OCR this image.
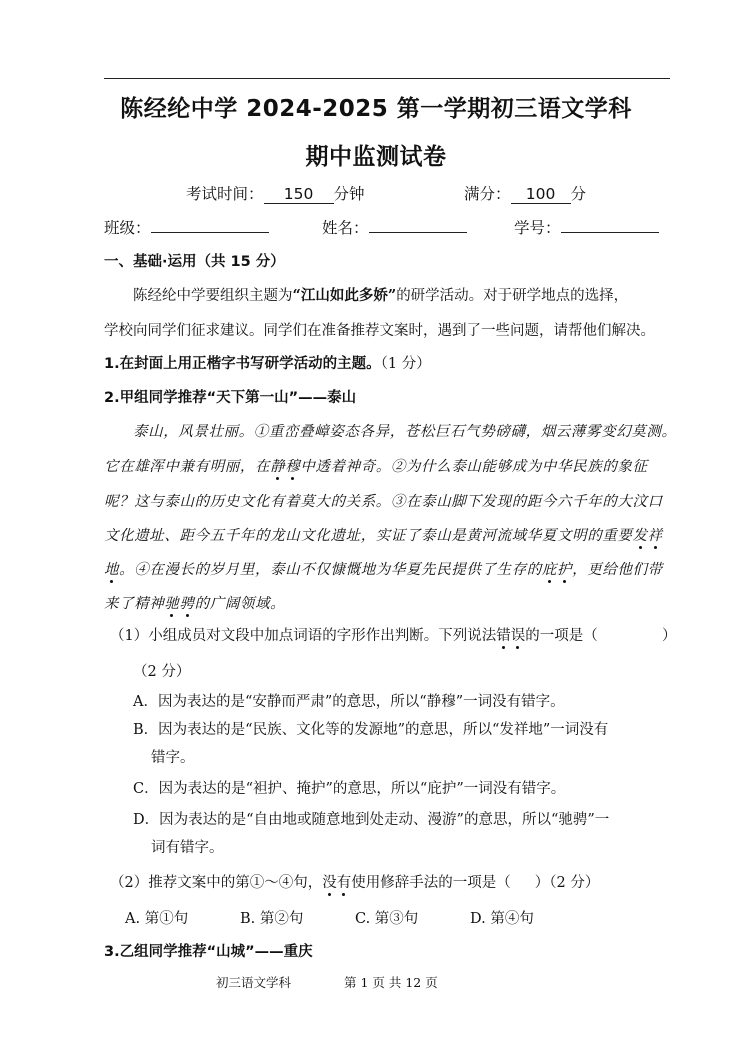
陈经纶中学 2024-2025 第一学期初三语文学科
期中监测试卷
考试时间： 150 分钟	满分： 100 分
班级：	姓名：	学号：
一、基础·运用（共 15 分）
陈经纶中学要组织主题为“江山如此多娇”的研学活动。对于研学地点的选择，
学校向同学们征求建议。同学们在准备推荐文案时，遇到了一些问题，请帮他们解决。
1.在封面上用正楷字书写研学活动的主题。（1 分）
2.甲组同学推荐“天下第一山”——泰山
泰山，风景壮丽。①重峦叠嶂姿态各异，苍松巨石气势磅礴，烟云薄雾变幻莫测。
它在雄浑中兼有明丽，在静穆中透着神奇。②为什么泰山能够成为中华民族的象征
呢？这与泰山的历史文化有着莫大的关系。③在泰山脚下发现的距今六千年的大汶口
文化遗址、距今五千年的龙山文化遗址，实证了泰山是黄河流域华夏文明的重要发祥
地。④在漫长的岁月里，泰山不仅慷慨地为华夏先民提供了生存的庇护，更给他们带
来了精神驰骋的广阔领域。
（1）小组成员对文段中加点词语的字形作出判断。下列说法错误的一项是（	）
（2 分）
A．因为表达的是“安静而严肃”的意思，所以“静穆”一词没有错字。
B．因为表达的是“民族、文化等的发源地”的意思，所以“发祥地”一词没有
错字。
C．因为表达的是“袒护、掩护”的意思，所以“庇护”一词没有错字。
D．因为表达的是“自由地或随意地到处走动、漫游”的意思，所以“驰骋”一
词有错字。
（2）推荐文案中的第①～④句，没有使用修辞手法的一项是（ ）（2 分）
A. 第①句	B. 第②句	C. 第③句	D. 第④句
3.乙组同学推荐“山城”——重庆
初三语文学科	第 1 页 共 12 页
